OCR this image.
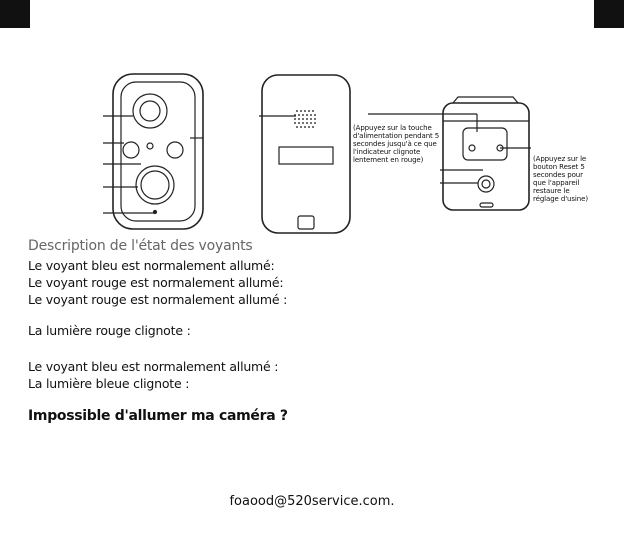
(Appuyez sur la touche
d'alimentation pendant 5
secondes jusqu'à ce que
l'indicateur clignote
lentement en rouge)	(Appuyez sur le
bouton Reset 5
secondes pour
que l'appareil
restaure le
réglage d'usine)
Description de l'état des voyants
Le voyant bleu est normalement allumé:
Le voyant rouge est normalement allumé:
Le voyant rouge est normalement allumé :
La lumière rouge clignote :
Le voyant bleu est normalement allumé :
La lumière bleue clignote :
Impossible d'allumer ma caméra ?
foaood@520service.com.
